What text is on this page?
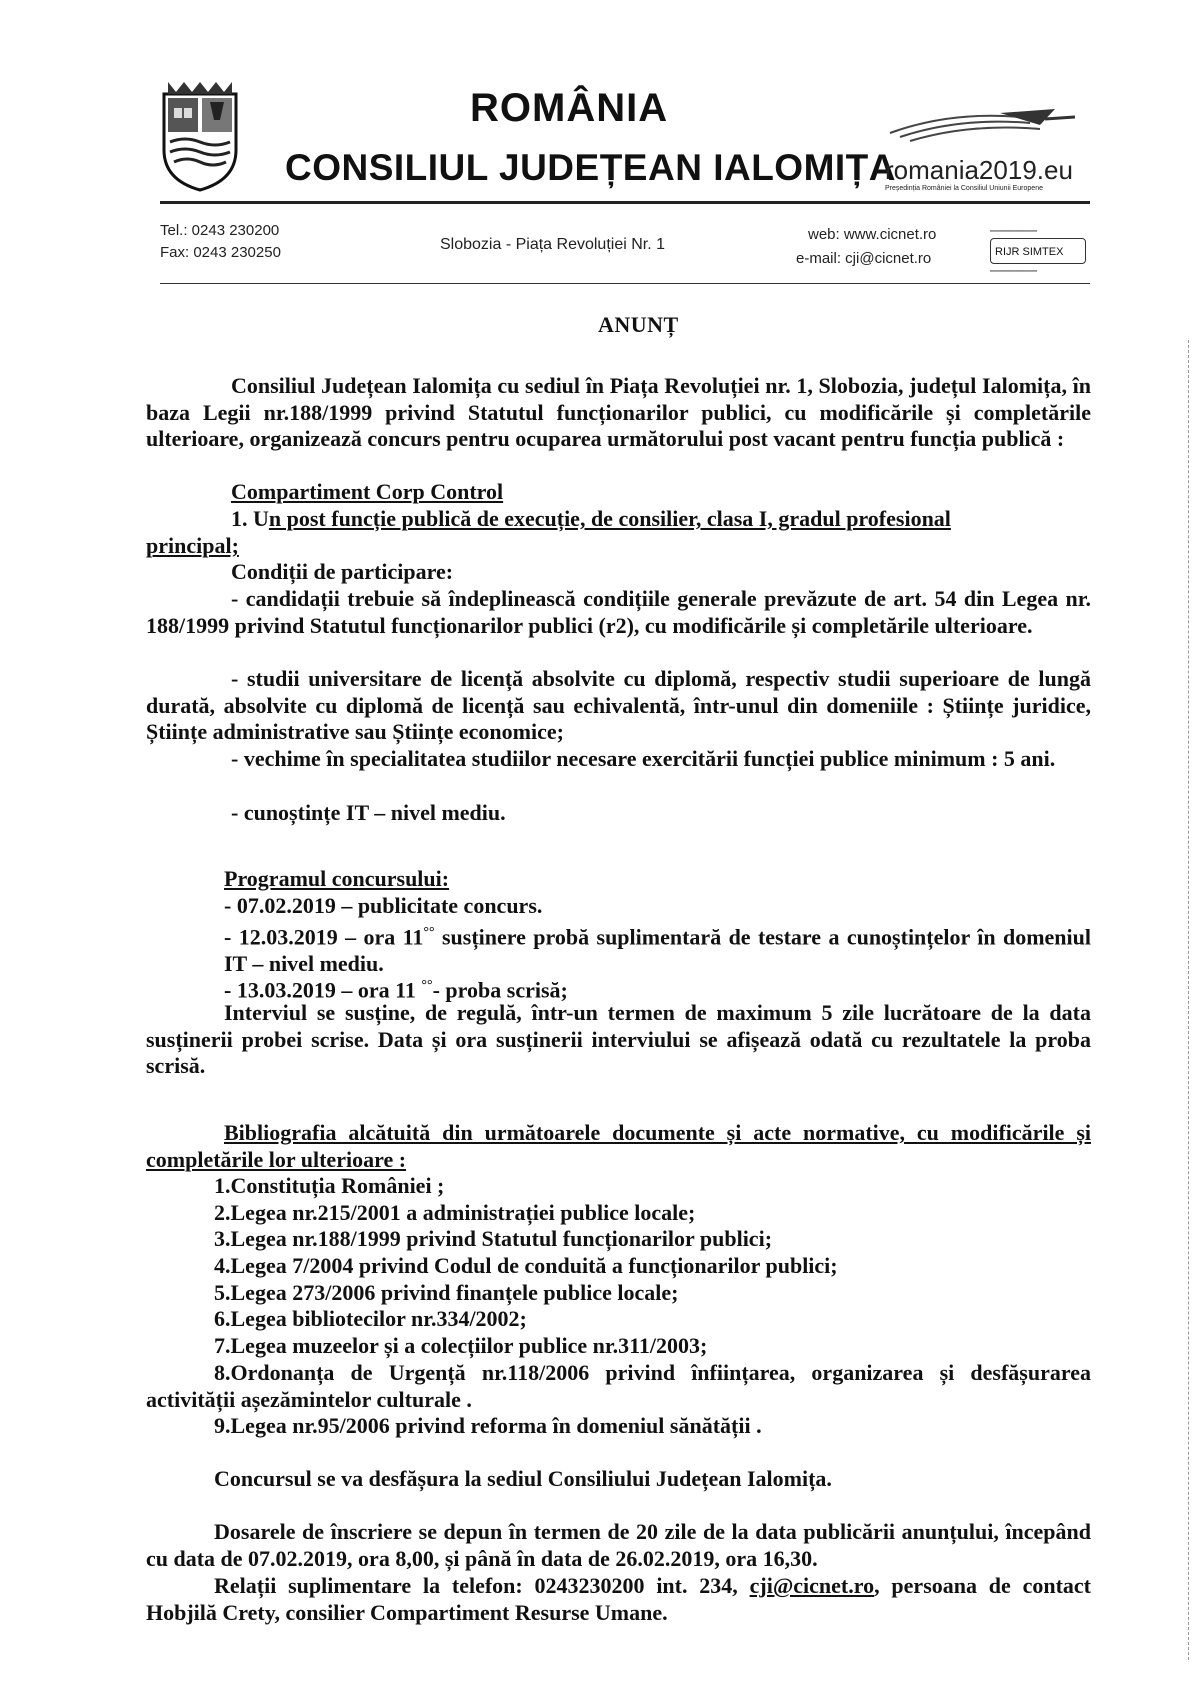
ROMÂNIA
CONSILIUL JUDEȚEAN IALOMIȚA
romania2019.eu
Președinția României la Consiliul Uniunii Europene
Tel.: 0243 230200
Fax: 0243 230250	Slobozia - Piața Revoluției Nr. 1
web: www.cicnet.ro
e-mail: cji@cicnet.ro
━━━━━━━━━━━━━
RIJR SIMTEX
━━━━━━━━━━━━━
ANUNȚ
Consiliul Județean Ialomița cu sediul în Piața Revoluției nr. 1, Slobozia, județul Ialomița, în baza Legii nr.188/1999 privind Statutul funcționarilor publici, cu modificările și completările ulterioare, organizează concurs pentru ocuparea următorului post vacant pentru funcția publică :
Compartiment Corp Control
1. Un post funcție publică de execuție, de consilier, clasa I, gradul profesional
principal;
Condiții de participare:
- candidații trebuie să îndeplinească condițiile generale prevăzute de art. 54 din Legea nr. 188/1999 privind Statutul funcționarilor publici (r2), cu modificările și completările ulterioare.
- studii universitare de licență absolvite cu diplomă, respectiv studii superioare de lungă durată, absolvite cu diplomă de licență sau echivalentă, într-unul din domeniile : Științe juridice, Științe administrative sau Științe economice;
- vechime în specialitatea studiilor necesare exercitării funcției publice minimum : 5 ani.
- cunoștințe IT – nivel mediu.
Programul concursului:
- 07.02.2019 – publicitate concurs.
- 12.03.2019 – ora 11°° susținere probă suplimentară de testare a cunoștințelor în domeniul IT – nivel mediu.
- 13.03.2019 – ora 11 °°- proba scrisă;
Interviul se susține, de regulă, într-un termen de maximum 5 zile lucrătoare de la data susținerii probei scrise. Data și ora susținerii interviului se afișează odată cu rezultatele la proba scrisă.
Bibliografia alcătuită din următoarele documente și acte normative, cu modificările și completările lor ulterioare :
1.Constituția României ;
2.Legea nr.215/2001 a administrației publice locale;
3.Legea nr.188/1999 privind Statutul funcționarilor publici;
4.Legea 7/2004 privind Codul de conduită a funcționarilor publici;
5.Legea 273/2006 privind finanțele publice locale;
6.Legea bibliotecilor nr.334/2002;
7.Legea muzeelor și a colecțiilor publice nr.311/2003;
8.Ordonanța de Urgență nr.118/2006 privind înființarea, organizarea și desfășurarea activității așezămintelor culturale .
9.Legea nr.95/2006 privind reforma în domeniul sănătății .
Concursul se va desfășura la sediul Consiliului Județean Ialomița.
Dosarele de înscriere se depun în termen de 20 zile de la data publicării anunțului, începând cu data de 07.02.2019, ora 8,00, și până în data de 26.02.2019, ora 16,30.
Relații suplimentare la telefon: 0243230200 int. 234, cji@cicnet.ro, persoana de contact Hobjilă Crety, consilier Compartiment Resurse Umane.
